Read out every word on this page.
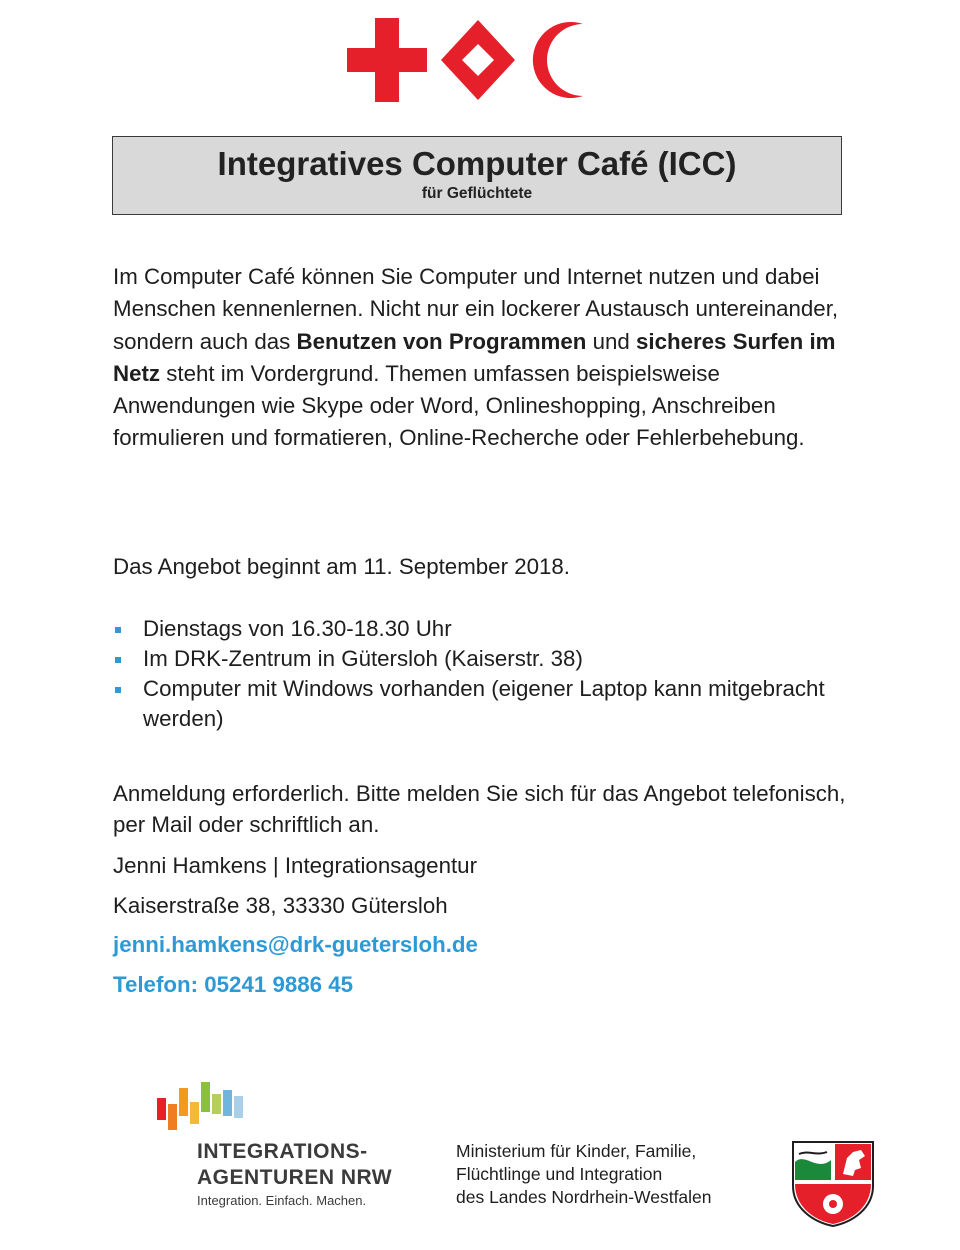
Integratives Computer Café (ICC)
für Geflüchtete
Im Computer Café können Sie Computer und Internet nutzen und dabei Menschen kennenlernen. Nicht nur ein lockerer Austausch untereinander, sondern auch das Benutzen von Programmen und sicheres Surfen im Netz steht im Vordergrund. Themen umfassen beispielsweise Anwendungen wie Skype oder Word, Onlineshopping, Anschreiben formulieren und formatieren, Online-Recherche oder Fehlerbehebung.
Das Angebot beginnt am 11. September 2018.
Dienstags von 16.30-18.30 Uhr
Im DRK-Zentrum in Gütersloh (Kaiserstr. 38)
Computer mit Windows vorhanden (eigener Laptop kann mitgebracht werden)
Anmeldung erforderlich. Bitte melden Sie sich für das Angebot telefonisch, per Mail oder schriftlich an.
Jenni Hamkens | Integrationsagentur
Kaiserstraße 38, 33330 Gütersloh
jenni.hamkens@drk-guetersloh.de
Telefon: 05241 9886 45
INTEGRATIONS-
AGENTUREN NRW
Integration. Einfach. Machen.
Ministerium für Kinder, Familie,
Flüchtlinge und Integration
des Landes Nordrhein-Westfalen
